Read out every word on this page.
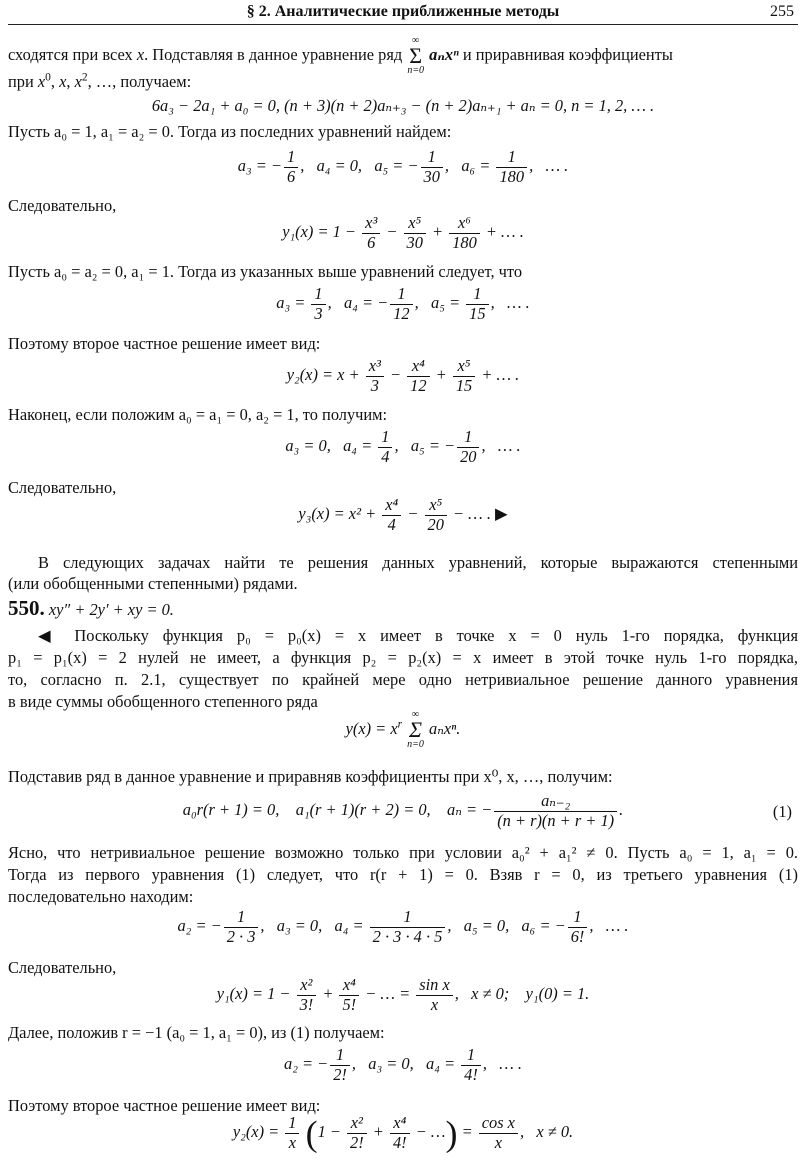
§ 2. Аналитические приближенные методы	255
сходятся при всех x. Подставляя в данное уравнение ряд
∞
Σ
n=0
aₙxⁿ и приравнивая коэффициенты
при $x^0$, x, $x^2$, …, получаем:
6a₃ − 2a₁ + a₀ = 0, (n + 3)(n + 2)aₙ₊₃ − (n + 2)aₙ₊₁ + aₙ = 0, n = 1, 2, … .
Пусть a₀ = 1, a₁ = a₂ = 0. Тогда из последних уравнений найдем:
a₃ = − $\frac{1}{6}$ ,   a₄ = 0,   a₅ = − $\frac{1}{30}$ ,   $a_6 = \frac{1}{180}$ ,   … .
Следовательно,
$y_1(x) = 1 - \frac{\text{x³}}{6} - \frac{\text{x⁵}}{30} + \frac{\text{x⁶}}{180}$ + … .
Пусть a₀ = a₂ = 0, a₁ = 1. Тогда из указанных выше уравнений следует, что
$a_3 = \frac{1}{3}$ ,   a₄ = − $\frac{1}{12}$ ,   $a_5 = \frac{1}{15}$ ,   … .
Поэтому второе частное решение имеет вид:
$y_2(x) = x + \frac{\text{x³}}{3} - \frac{\text{x⁴}}{12} + \frac{\text{x⁵}}{15}$ + … .
Наконец, если положим a₀ = a₁ = 0, a₂ = 1, то получим:
a₃ = 0,   $a_4 = \frac{1}{4}$ ,   a₅ = − $\frac{1}{20}$ ,   … .
Следовательно,
$y_3(x) = x^2 + \frac{\text{x⁴}}{4} - \frac{\text{x⁵}}{20}$ − … . ▶
В следующих задачах найти те решения данных уравнений, которые выражаются степенными
(или обобщенными степенными) рядами.
550. xy″ + 2y′ + xy = 0.
◀ Поскольку функция p₀ = p₀(x) = x имеет в точке x = 0 нуль 1-го порядка, функция
p₁ = p₁(x) = 2 нулей не имеет, а функция p₂ = p₂(x) = x имеет в этой точке нуль 1-го порядка,
то, согласно п. 2.1, существует по крайней мере одно нетривиальное решение данного уравнения
в виде суммы обобщенного степенного ряда
$y(x) = x^r$
∞
Σ
n=0
aₙxⁿ.
Подставив ряд в данное уравнение и приравняв коэффициенты при x⁰, x, …, получим:
a₀r(r + 1) = 0,    a₁(r + 1)(r + 2) = 0,    aₙ = − $\frac{\text{aₙ₋₂}}{(n + r)(n + r + 1)}$ .	(1)
Ясно, что нетривиальное решение возможно только при условии a₀² + a₁² ≠ 0. Пусть a₀ = 1, a₁ = 0.
Тогда из первого уравнения (1) следует, что r(r + 1) = 0. Взяв r = 0, из третьего уравнения (1)
последовательно находим:
a₂ = − $\frac{1}{2 \cdot 3}$ ,   a₃ = 0,   $a_4 = \frac{1}{2 \cdot 3 \cdot 4 \cdot 5}$ ,   a₅ = 0,   a₆ = − $\frac{1}{6!}$ ,   … .
Следовательно,
$y_1(x) = 1 - \frac{\text{x²}}{3!} + \frac{\text{x⁴}}{5!}$ − … = $\frac{\text{sin x}}{x}$ ,   x ≠ 0;    y₁(0) = 1.
Далее, положив r = −1 (a₀ = 1, a₁ = 0), из (1) получаем:
a₂ = − $\frac{1}{2!}$ ,   a₃ = 0,   $a_4 = \frac{1}{4!}$ ,   … .
Поэтому второе частное решение имеет вид:
$y_2(x) = \frac{1}{x} (1 - \frac{\text{x²}}{2!} + \frac{\text{x⁴}}{4!}$ − …) = $\frac{\text{cos x}}{x}$ ,   x ≠ 0.
